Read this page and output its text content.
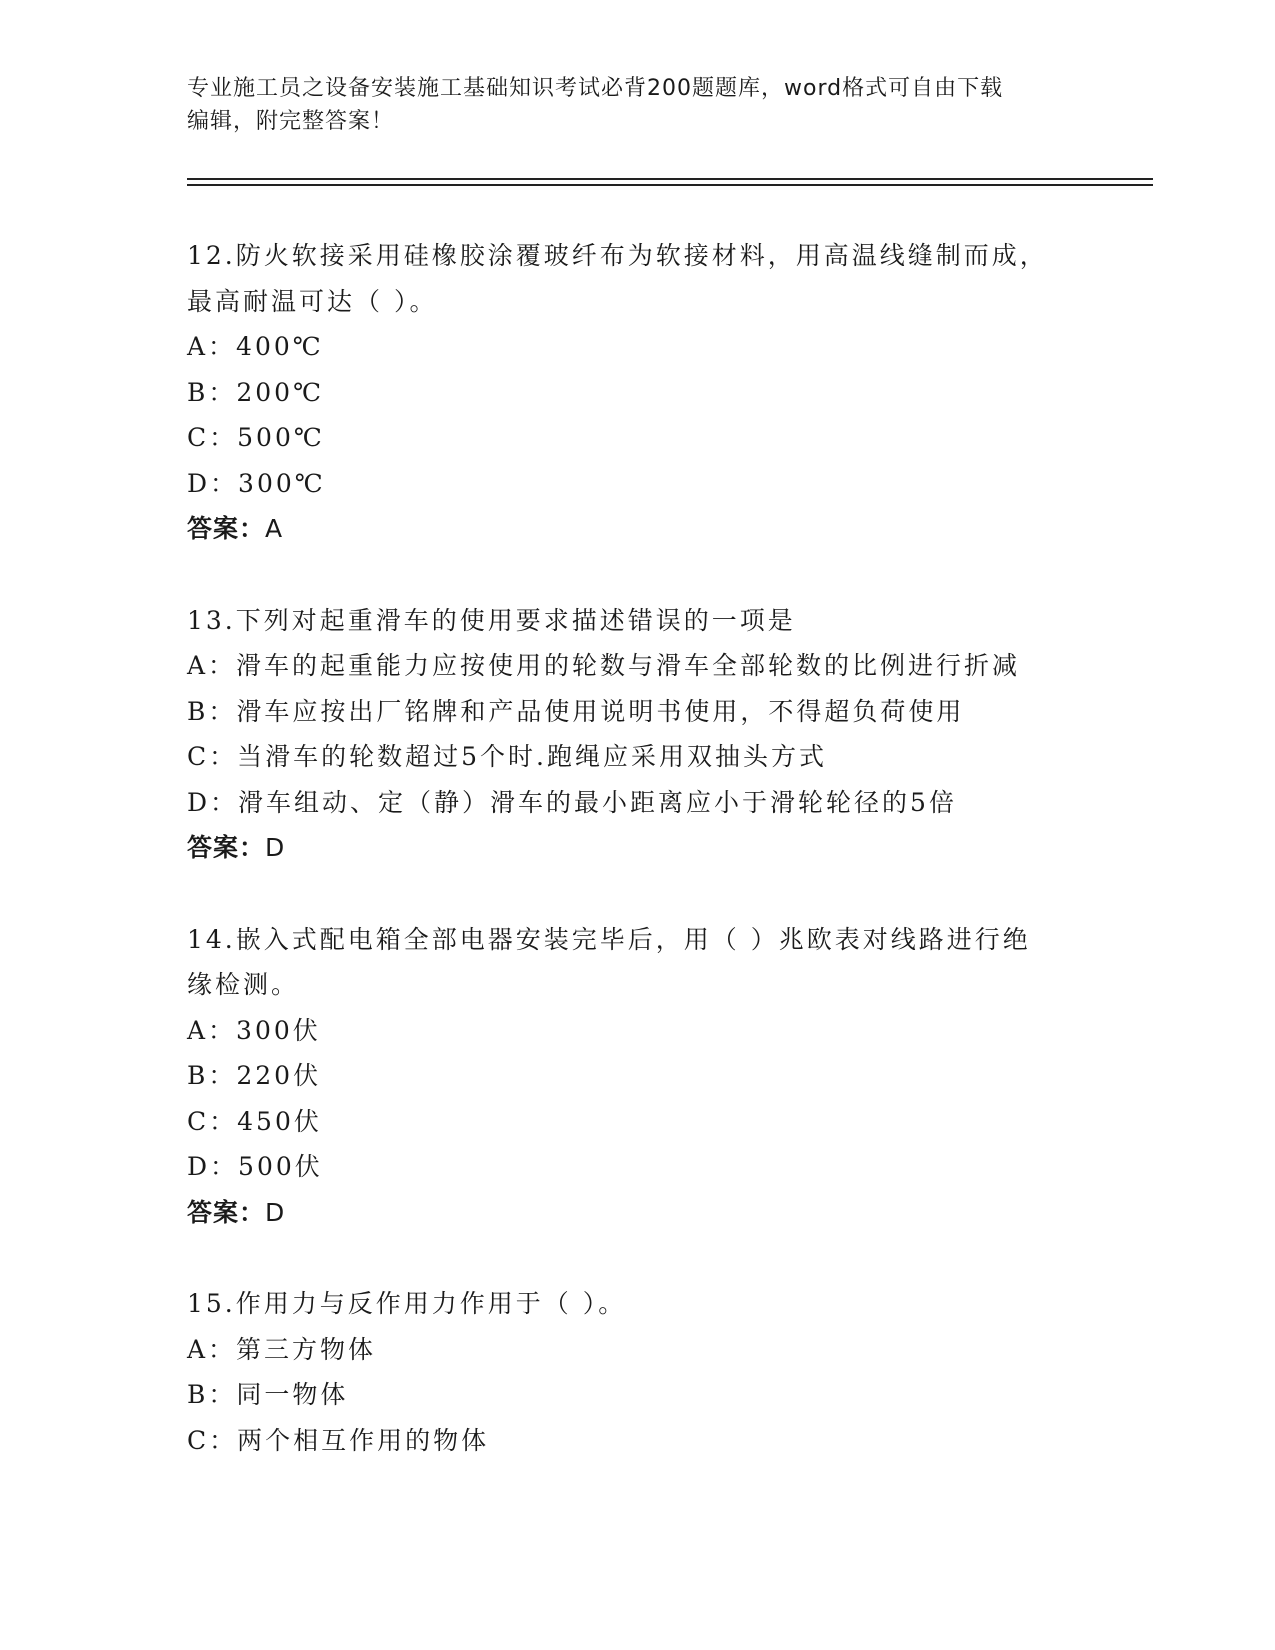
专业施工员之设备安装施工基础知识考试必背200题题库，word格式可自由下载
编辑，附完整答案！
12.防火软接采用硅橡胶涂覆玻纤布为软接材料，用高温线缝制而成，
最高耐温可达（ ）。
A：400℃
B：200℃
C：500℃
D：300℃
答案：A
13.下列对起重滑车的使用要求描述错误的一项是
A：滑车的起重能力应按使用的轮数与滑车全部轮数的比例进行折减
B：滑车应按出厂铭牌和产品使用说明书使用，不得超负荷使用
C：当滑车的轮数超过5个时.跑绳应采用双抽头方式
D：滑车组动、定（静）滑车的最小距离应小于滑轮轮径的5倍
答案：D
14.嵌入式配电箱全部电器安装完毕后，用（ ）兆欧表对线路进行绝
缘检测。
A：300伏
B：220伏
C：450伏
D：500伏
答案：D
15.作用力与反作用力作用于（ ）。
A：第三方物体
B：同一物体
C：两个相互作用的物体
